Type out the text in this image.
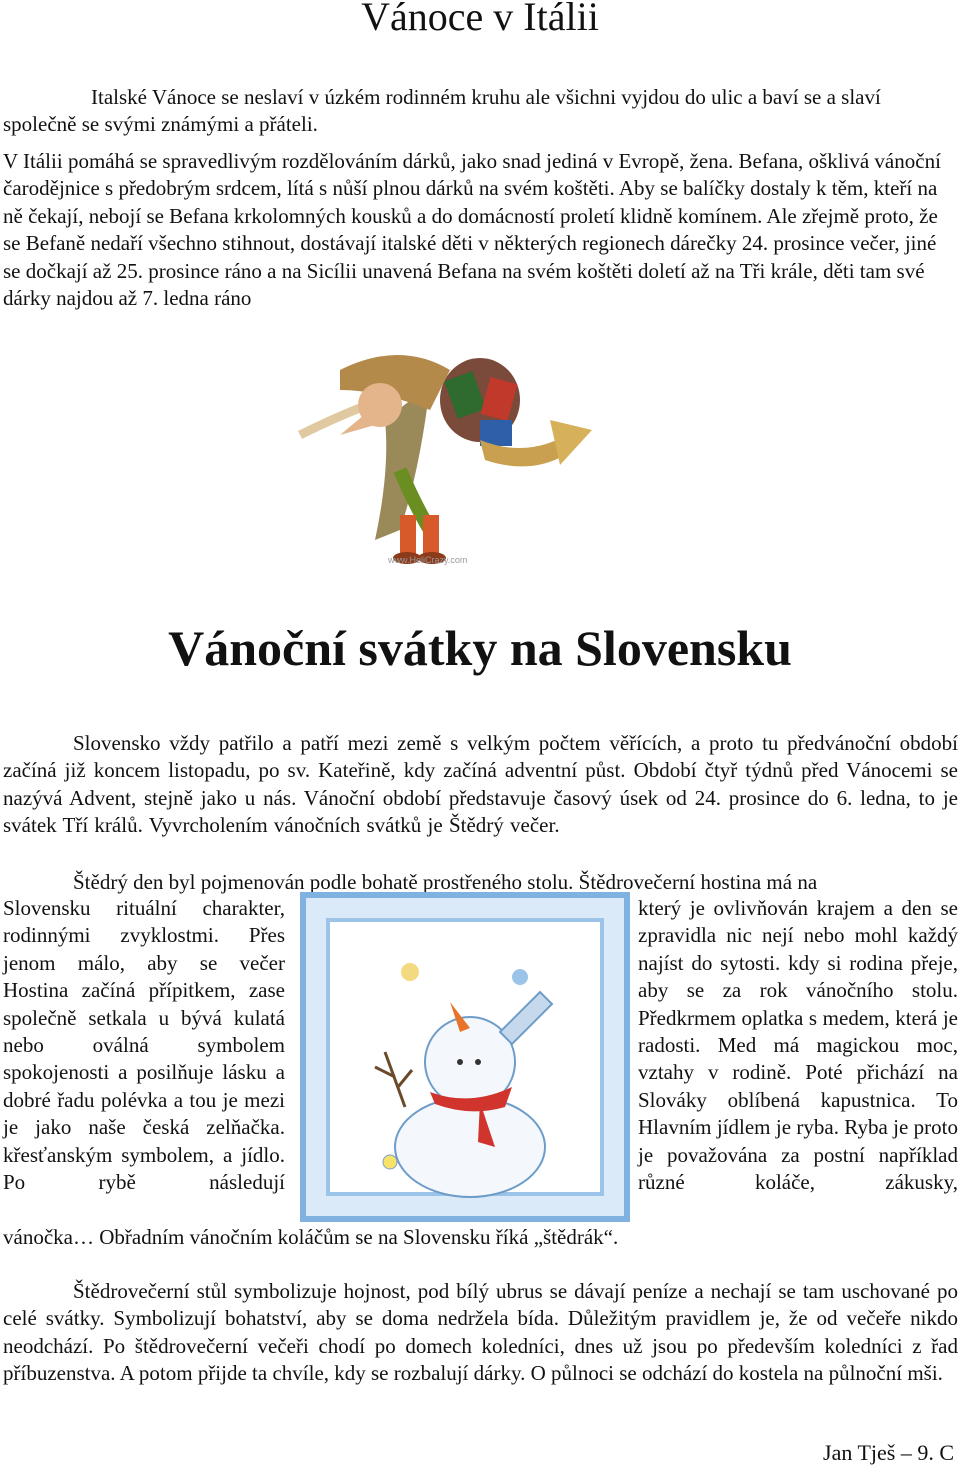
Vánoce v Itálii

Italské Vánoce se neslaví v úzkém rodinném kruhu ale všichni vyjdou do ulic a baví se a slaví společně se svými známými a přáteli.

V Itálii pomáhá se spravedlivým rozdělováním dárků, jako snad jediná v Evropě, žena. Befana, ošklivá vánoční čarodějnice s předobrým srdcem, lítá s nůší plnou dárků na svém koštěti. Aby se balíčky dostaly k těm, kteří na ně čekají, nebojí se Befana krkolomných kousků a do domácností proletí klidně komínem. Ale zřejmě proto, že se Befaně nedaří všechno stihnout, dostávají italské děti v některých regionech dárečky 24. prosince večer, jiné se dočkají až 25. prosince ráno a na Sicílii unavená Befana na svém koštěti doletí až na Tři krále, děti tam své dárky najdou až 7. ledna ráno

www.HeliCrazy.com
Vánoční svátky na Slovensku

Slovensko vždy patřilo a patří mezi země s velkým počtem věřících, a proto tu předvánoční období začíná již koncem listopadu, po sv. Kateřině, kdy začíná adventní půst. Období čtyř týdnů před Vánocemi se nazývá Advent, stejně jako u nás. Vánoční období představuje časový úsek od 24. prosince do 6. ledna, to je svátek Tří králů. Vyvrcholením vánočních svátků je Štědrý večer.

Štědrý den byl pojmenován podle bohatě prostřeného stolu. Štědrovečerní hostina má na

Slovensku rituální charakter, rodinnými zvyklostmi. Přes jenom málo, aby se večer Hostina začíná přípitkem, zase společně setkala u bývá kulatá nebo oválná symbolem spokojenosti a posilňuje lásku a dobré řadu polévka a tou je mezi je jako naše česká zelňačka. křesťanským symbolem, a jídlo. Po rybě následují

který je ovlivňován krajem a den se zpravidla nic nejí nebo mohl každý najíst do sytosti. kdy si rodina přeje, aby se za rok vánočního stolu. Předkrmem oplatka s medem, která je radosti. Med má magickou moc, vztahy v rodině. Poté přichází na Slováky oblíbená kapustnica. To Hlavním jídlem je ryba. Ryba je proto je považována za postní například různé koláče, zákusky,

vánočka… Obřadním vánočním koláčům se na Slovensku říká „štědrák“.

Štědrovečerní stůl symbolizuje hojnost, pod bílý ubrus se dávají peníze a nechají se tam uschované po celé svátky. Symbolizují bohatství, aby se doma nedržela bída. Důležitým pravidlem je, že od večeře nikdo neodchází. Po štědrovečerní večeři chodí po domech koledníci, dnes už jsou po především koledníci z řad příbuzenstva. A potom přijde ta chvíle, kdy se rozbalují dárky. O půlnoci se odchází do kostela na půlnoční mši.

Jan Tješ – 9. C
